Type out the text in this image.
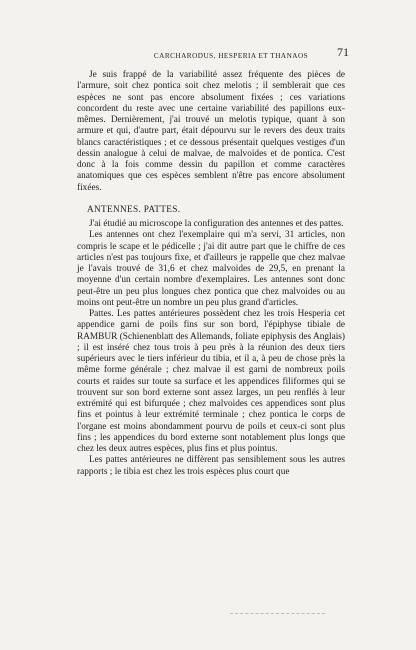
CARCHARODUS, HESPERIA ET THANAOS	71

Je suis frappé de la variabilité assez fréquente des pièces de l'armure, soit chez pontica soit chez melotis ; il semblerait que ces espèces ne sont pas encore absolument fixées ; ces variations concordent du reste avec une certaine variabilité des papillons eux-mêmes. Dernièrement, j'ai trouvé un melotis typique, quant à son armure et qui, d'autre part, était dépourvu sur le revers des deux traits blancs caractéristiques ; et ce dessous présentait quelques vestiges d'un dessin analogue à celui de malvae, de malvoides et de pontica. C'est donc à la fois comme dessin du papillon et comme caractères anatomiques que ces espèces semblent n'être pas encore absolument fixées.

ANTENNES. PATTES.

J'ai étudié au microscope la configuration des antennes et des pattes.

Les antennes ont chez l'exemplaire qui m'a servi, 31 articles, non compris le scape et le pédicelle ; j'ai dit autre part que le chiffre de ces articles n'est pas toujours fixe, et d'ailleurs je rappelle que chez malvae je l'avais trouvé de 31,6 et chez malvoides de 29,5, en prenant la moyenne d'un certain nombre d'exemplaires. Les antennes sont donc peut-être un peu plus longues chez pontica que chez malvoides ou au moins ont peut-être un nombre un peu plus grand d'articles.

Pattes. Les pattes antérieures possèdent chez les trois Hesperia cet appendice garni de poils fins sur son bord, l'épiphyse tibiale de RAMBUR (Schienenblatt des Allemands, foliate epiphysis des Anglais) ; il est inséré chez tous trois à peu près à la réunion des deux tiers supérieurs avec le tiers inférieur du tibia, et il a, à peu de chose près la même forme générale ; chez malvae il est garni de nombreux poils courts et raides sur toute sa surface et les appendices filiformes qui se trouvent sur son bord externe sont assez larges, un peu renflés à leur extrémité qui est bifurquée ; chez malvoides ces appendices sont plus fins et pointus à leur extrémité terminale ; chez pontica le corps de l'organe est moins abondamment pourvu de poils et ceux-ci sont plus fins ; les appendices du bord externe sont notablement plus longs que chez les deux autres espèces, plus fins et plus pointus.

Les pattes antérieures ne diffèrent pas sensiblement sous les autres rapports ; le tibia est chez les trois espèces plus court que
